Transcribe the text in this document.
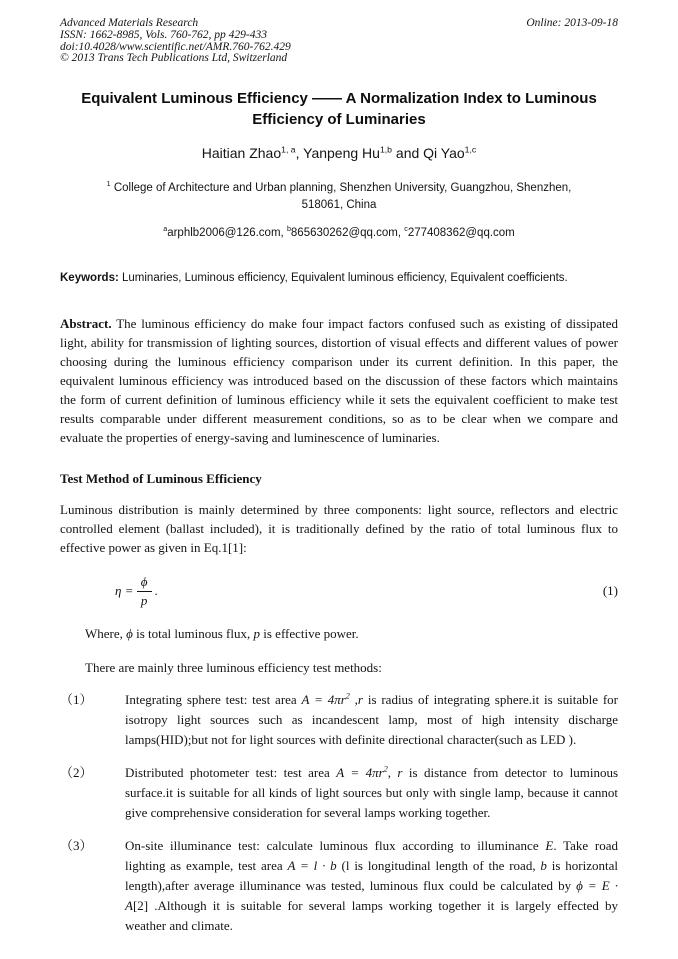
Advanced Materials Research
ISSN: 1662-8985, Vols. 760-762, pp 429-433
doi:10.4028/www.scientific.net/AMR.760-762.429
© 2013 Trans Tech Publications Ltd, Switzerland
Online: 2013-09-18
Equivalent Luminous Efficiency —— A Normalization Index to Luminous Efficiency of Luminaries
Haitian Zhao$^{1, a}$, Yanpeng Hu$^{1,b}$ and Qi Yao$^{1,c}$
$^1$ College of Architecture and Urban planning, Shenzhen University, Guangzhou, Shenzhen, 518061, China
$^a$arphlb2006@126.com, $^b$865630262@qq.com, $^c$277408362@qq.com

Keywords: Luminaries, Luminous efficiency, Equivalent luminous efficiency, Equivalent coefficients.

Abstract. The luminous efficiency do make four impact factors confused such as existing of dissipated light, ability for transmission of lighting sources, distortion of visual effects and different values of power choosing during the luminous efficiency comparison under its current definition. In this paper, the equivalent luminous efficiency was introduced based on the discussion of these factors which maintains the form of current definition of luminous efficiency while it sets the equivalent coefficient to make test results comparable under different measurement conditions, so as to be clear when we compare and evaluate the properties of energy-saving and luminescence of luminaries.

Test Method of Luminous Efficiency

Luminous distribution is mainly determined by three components: light source, reflectors and electric controlled element (ballast included), it is traditionally defined by the ratio of total luminous flux to effective power as given in Eq.1[1]:

$\eta = \frac{\phi}{p}$ .	(1)

Where, ϕ is total luminous flux, p is effective power.

There are mainly three luminous efficiency test methods:

（1） Integrating sphere test: test area $A = 4\pi r^2$ ,r is radius of integrating sphere.it is suitable for isotropy light sources such as incandescent lamp, most of high intensity discharge lamps(HID);but not for light sources with definite directional character(such as LED ).
（2） Distributed photometer test: test area $A = 4\pi r^2$, r is distance from detector to luminous surface.it is suitable for all kinds of light sources but only with single lamp, because it cannot give comprehensive consideration for several lamps working together.
（3） On-site illuminance test: calculate luminous flux according to illuminance E. Take road lighting as example, test area A = l · b (l is longitudinal length of the road, b is horizontal length),after average illuminance was tested, luminous flux could be calculated by ϕ = E · A[2] .Although it is suitable for several lamps working together it is largely effected by weather and climate.
